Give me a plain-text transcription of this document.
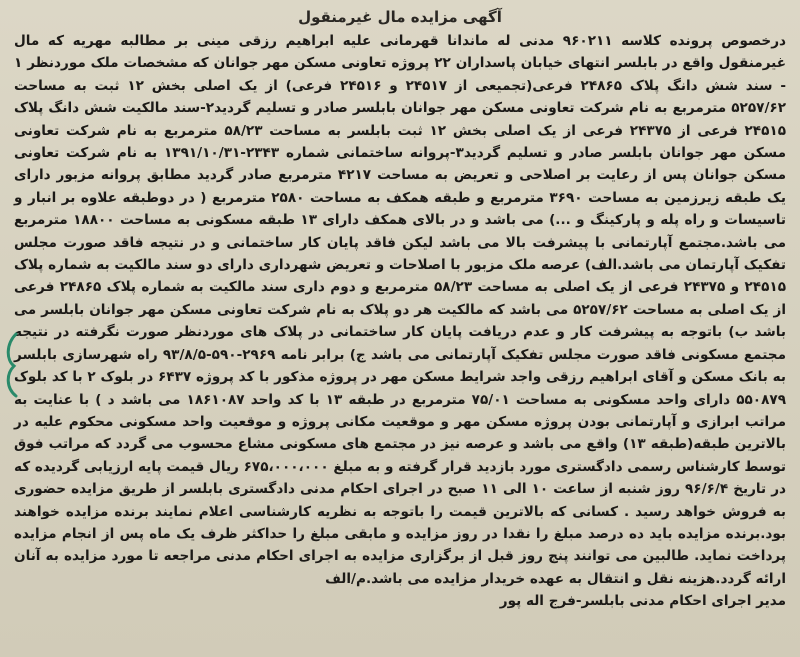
آگهی مزایده مال غیرمنقول

درخصوص پرونده کلاسه ۹۶۰۲۱۱ مدنی له ماندانا قهرمانی علیه ابراهیم رزقی مینی بر مطالبه مهریه که مال غیرمنقول واقع در بابلسر انتهای خیابان پاسداران ۲۲ پروژه تعاونی مسکن مهر جوانان که مشخصات ملک موردنظر ۱ - سند شش دانگ پلاک ۲۴۸۶۵ فرعی(تجمیعی از ۲۴۵۱۷ و ۲۴۵۱۶ فرعی) از یک اصلی بخش ۱۲ ثبت به مساحت ۵۲۵۷/۶۲ مترمربع به نام شرکت تعاونی مسکن مهر جوانان بابلسر صادر و تسلیم گردید۲-سند مالکیت شش دانگ پلاک ۲۴۵۱۵ فرعی از ۲۴۳۷۵ فرعی از یک اصلی بخش ۱۲ ثبت بابلسر به مساحت ۵۸/۲۳ مترمربع به نام شرکت تعاونی مسکن مهر جوانان بابلسر صادر و تسلیم گردید۳-پروانه ساختمانی شماره ۲۳۴۳-۱۳۹۱/۱۰/۳۱ به نام شرکت تعاونی مسکن جوانان پس از رعایت بر اصلاحی و تعریض به مساحت ۴۲۱۷ مترمربع صادر گردید مطابق پروانه مزبور دارای یک طبقه زیرزمین به مساحت ۳۶۹۰ مترمربع و طبقه همکف به مساحت ۲۵۸۰ مترمربع ( در دوطبقه علاوه بر انبار و تاسیسات و راه پله و پارکینگ و ...) می باشد و در بالای همکف دارای ۱۳ طبقه مسکونی به مساحت ۱۸۸۰۰ مترمربع می باشد.مجتمع آپارتمانی با پیشرفت بالا می باشد لیکن فاقد پایان کار ساختمانی و در نتیجه فاقد صورت مجلس تفکیک آپارتمان می باشد.الف) عرصه ملک مزبور با اصلاحات و تعریض شهرداری دارای دو سند مالکیت به شماره پلاک ۲۴۵۱۵ و ۲۴۳۷۵ فرعی از یک اصلی به مساحت ۵۸/۲۳ مترمربع و دوم داری سند مالکیت به شماره پلاک ۲۴۸۶۵ فرعی از یک اصلی به مساحت ۵۲۵۷/۶۲ می باشد که مالکیت هر دو پلاک به نام شرکت تعاونی مسکن مهر جوانان بابلسر می باشد ب) باتوجه به پیشرفت کار و عدم دریافت پایان کار ساختمانی در پلاک های موردنظر صورت نگرفته در نتیجه مجتمع مسکونی فاقد صورت مجلس تفکیک آپارتمانی می باشد ج) برابر نامه ۲۹۶۹-۵۹۰-۹۳/۸/۵ راه شهرسازی بابلسر به بانک مسکن و آقای ابراهیم رزقی واجد شرایط مسکن مهر در پروژه مذکور با کد پروژه ۶۴۳۷ در بلوک ۲ با کد بلوک ۵۵۰۸۷۹ دارای واحد مسکونی به مساحت ۷۵/۰۱ مترمربع در طبقه ۱۳ با کد واحد ۱۸۶۱۰۸۷ می باشد د ) با عنایت به مراتب ابرازی و آپارتمانی بودن پروژه مسکن مهر و موقعیت مکانی پروژه و موقعیت واحد مسکونی محکوم علیه در بالاترین طبقه(طبقه ۱۳) واقع می باشد و عرصه نیز در مجتمع های مسکونی مشاع محسوب می گردد که مراتب فوق توسط کارشناس رسمی دادگستری مورد بازدید قرار گرفته و به مبلغ ۶۷۵،۰۰۰،۰۰۰ ریال قیمت پایه ارزیابی گردیده که در تاریخ ۹۶/۶/۴ روز شنبه از ساعت ۱۰ الی ۱۱ صبح در اجرای احکام مدنی دادگستری بابلسر از طریق مزایده حضوری به فروش خواهد رسید . کسانی که بالاترین قیمت را باتوجه به نظریه کارشناسی اعلام نمایند برنده مزایده خواهند بود.برنده مزایده باید ده درصد مبلغ را نقدا در روز مزایده و مابقی مبلغ را حداکثر ظرف یک ماه پس از انجام مزایده پرداخت نماید. طالبین می توانند پنج روز قبل از برگزاری مزایده به اجرای احکام مدنی مراجعه تا مورد مزایده به آنان ارائه گردد.هزینه نقل و انتقال به عهده خریدار مزایده می باشد.م/الف

مدیر اجرای احکام مدنی بابلسر-فرج اله پور
